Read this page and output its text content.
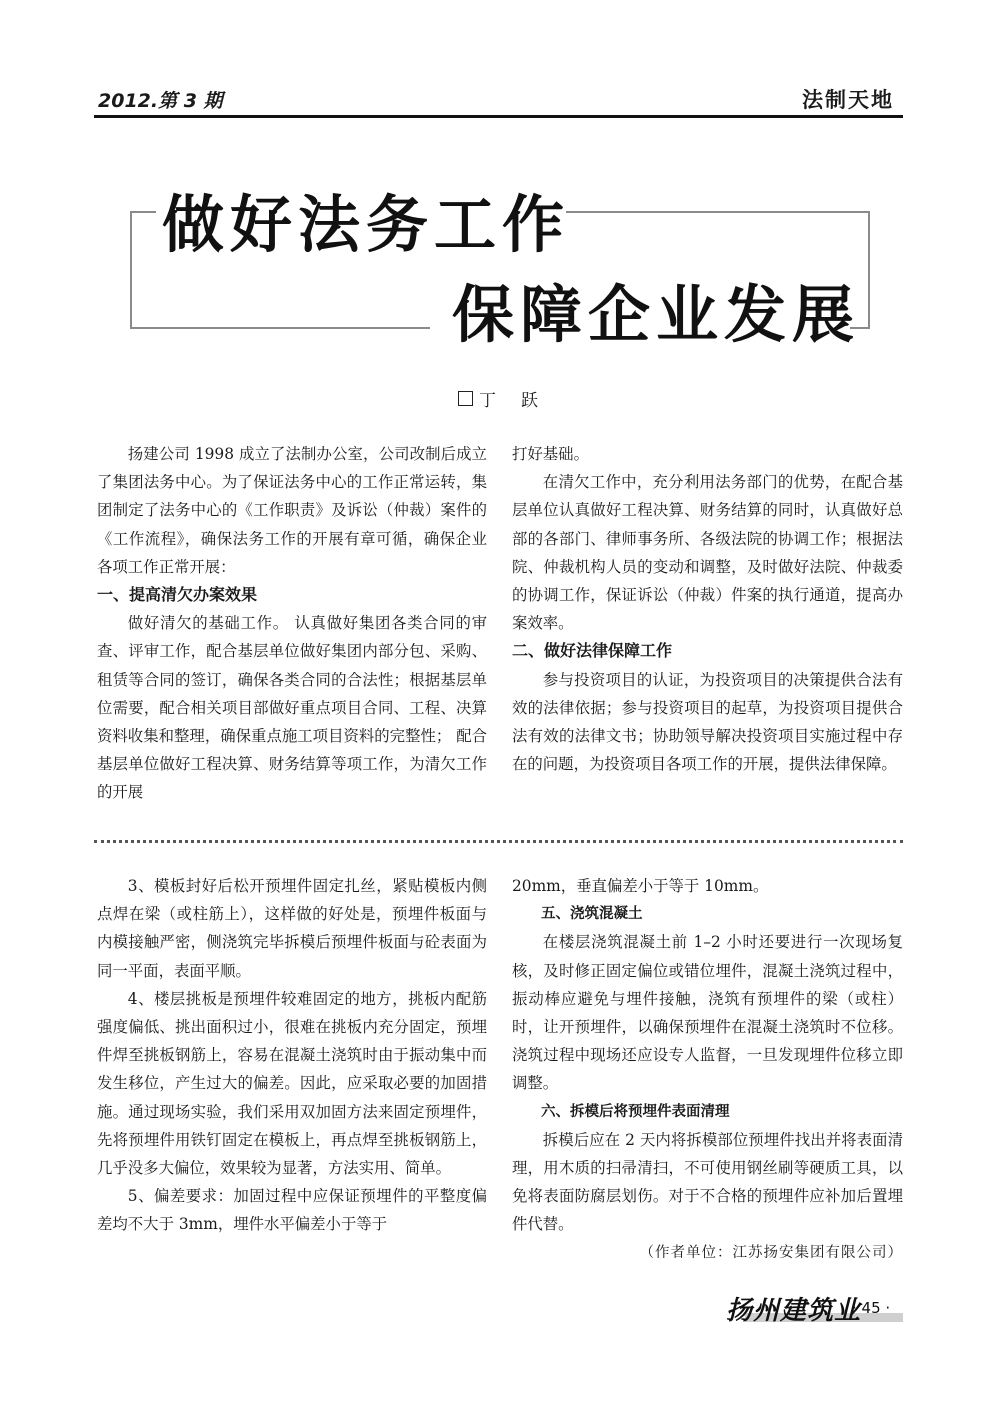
2012.第 3 期	法制天地
做好法务工作
保障企业发展
丁　跃

扬建公司 1998 成立了法制办公室，公司改制后成立了集团法务中心。为了保证法务中心的工作正常运转，集团制定了法务中心的《工作职责》及诉讼（仲裁）案件的《工作流程》，确保法务工作的开展有章可循，确保企业各项工作正常开展：

一、提高清欠办案效果

做好清欠的基础工作。 认真做好集团各类合同的审查、评审工作，配合基层单位做好集团内部分包、采购、租赁等合同的签订，确保各类合同的合法性；根据基层单位需要，配合相关项目部做好重点项目合同、工程、决算资料收集和整理，确保重点施工项目资料的完整性； 配合基层单位做好工程决算、财务结算等项工作，为清欠工作的开展

打好基础。

在清欠工作中，充分利用法务部门的优势，在配合基层单位认真做好工程决算、财务结算的同时，认真做好总部的各部门、律师事务所、各级法院的协调工作；根据法院、仲裁机构人员的变动和调整，及时做好法院、仲裁委的协调工作，保证诉讼（仲裁）件案的执行通道，提高办案效率。

二、做好法律保障工作

参与投资项目的认证，为投资项目的决策提供合法有效的法律依据；参与投资项目的起草，为投资项目提供合法有效的法律文书；协助领导解决投资项目实施过程中存在的问题，为投资项目各项工作的开展，提供法律保障。

3、模板封好后松开预埋件固定扎丝，紧贴模板内侧点焊在梁（或柱筋上），这样做的好处是，预埋件板面与内模接触严密，侧浇筑完毕拆模后预埋件板面与砼表面为同一平面，表面平顺。

4、楼层挑板是预埋件较难固定的地方，挑板内配筋强度偏低、挑出面积过小，很难在挑板内充分固定，预埋件焊至挑板钢筋上，容易在混凝土浇筑时由于振动集中而发生移位，产生过大的偏差。因此，应采取必要的加固措施。通过现场实验，我们采用双加固方法来固定预埋件，先将预埋件用铁钉固定在模板上，再点焊至挑板钢筋上，几乎没多大偏位，效果较为显著，方法实用、简单。

5、偏差要求：加固过程中应保证预埋件的平整度偏差均不大于 3mm，埋件水平偏差小于等于

20mm，垂直偏差小于等于 10mm。

五、浇筑混凝土

在楼层浇筑混凝土前 1–2 小时还要进行一次现场复核，及时修正固定偏位或错位埋件，混凝土浇筑过程中，振动棒应避免与埋件接触，浇筑有预埋件的梁（或柱）时，让开预埋件，以确保预埋件在混凝土浇筑时不位移。浇筑过程中现场还应设专人监督，一旦发现埋件位移立即调整。

六、拆模后将预埋件表面清理

拆模后应在 2 天内将拆模部位预埋件找出并将表面清理，用木质的扫帚清扫，不可使用钢丝刷等硬质工具，以免将表面防腐层划伤。对于不合格的预埋件应补加后置埋件代替。

（作者单位：江苏扬安集团有限公司）

扬州建筑业
· 45 ·
